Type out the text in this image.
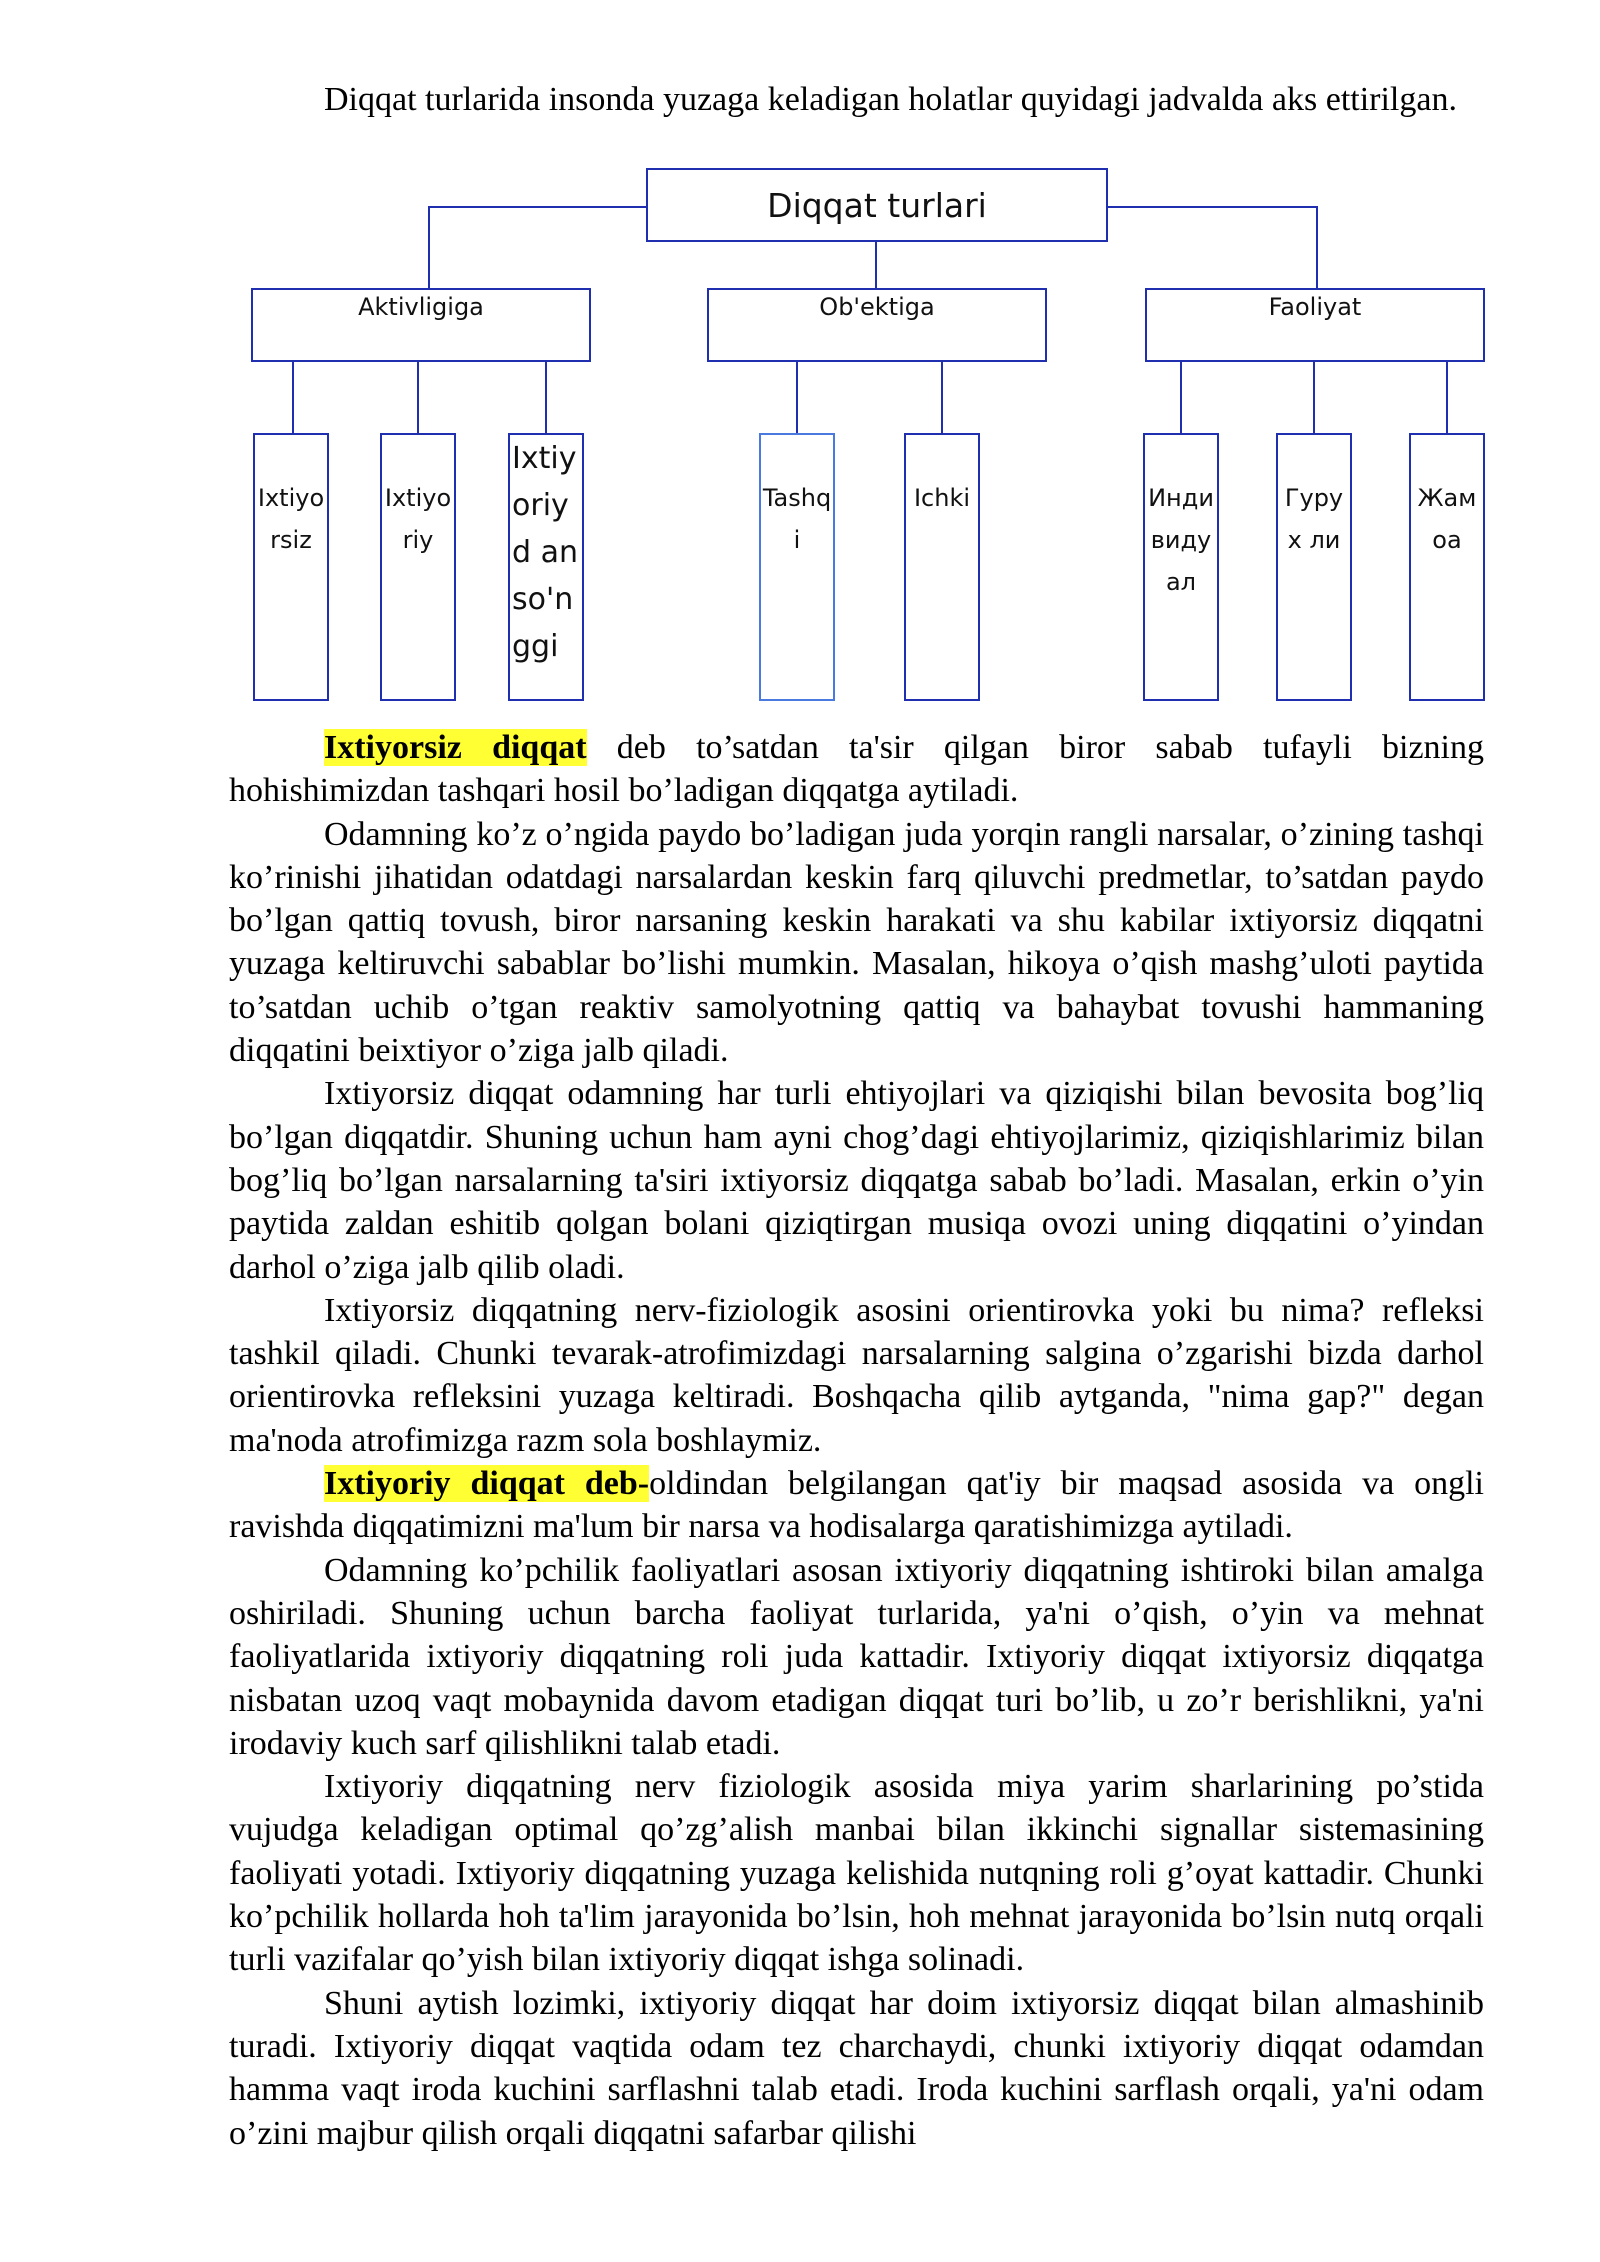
Diqqat turlarida insonda yuzaga keladigan holatlar quyidagi jadvalda aks ettirilgan.

Diqqat turlari
Aktivligiga	Ob'ektiga	Faoliyat
Ixtiyo rsiz
Ixtiyo riy
Ixtiy oriyd an so'n ggi
Tashq i
Ichki	Инди виду ал
Гурух ли
Жам оа

Ixtiyorsiz diqqat deb to’satdan ta'sir qilgan biror sabab tufayli bizning hohishimizdan tashqari hosil bo’ladigan diqqatga aytiladi.

Odamning ko’z o’ngida paydo bo’ladigan juda yorqin rangli narsalar, o’zining tashqi ko’rinishi jihatidan odatdagi narsalardan keskin farq qiluvchi predmetlar, to’satdan paydo bo’lgan qattiq tovush, biror narsaning keskin harakati va shu kabilar ixtiyorsiz diqqatni yuzaga keltiruvchi sabablar bo’lishi mumkin. Masalan, hikoya o’qish mashg’uloti paytida to’satdan uchib o’tgan reaktiv samolyotning qattiq va bahaybat tovushi hammaning diqqatini beixtiyor o’ziga jalb qiladi.

Ixtiyorsiz diqqat odamning har turli ehtiyojlari va qiziqishi bilan bevosita bog’liq bo’lgan diqqatdir. Shuning uchun ham ayni chog’dagi ehtiyojlarimiz, qiziqishlarimiz bilan bog’liq bo’lgan narsalarning ta'siri ixtiyorsiz diqqatga sabab bo’ladi. Masalan, erkin o’yin paytida zaldan eshitib qolgan bolani qiziqtirgan musiqa ovozi uning diqqatini o’yindan darhol o’ziga jalb qilib oladi.

Ixtiyorsiz diqqatning nerv-fiziologik asosini orientirovka yoki bu nima? refleksi tashkil qiladi. Chunki tevarak-atrofimizdagi narsalarning salgina o’zgarishi bizda darhol orientirovka refleksini yuzaga keltiradi. Boshqacha qilib aytganda, "nima gap?" degan ma'noda atrofimizga razm sola boshlaymiz.

Ixtiyoriy diqqat deb-oldindan belgilangan qat'iy bir maqsad asosida va ongli ravishda diqqatimizni ma'lum bir narsa va hodisalarga qaratishimizga aytiladi.

Odamning ko’pchilik faoliyatlari asosan ixtiyoriy diqqatning ishtiroki bilan amalga oshiriladi. Shuning uchun barcha faoliyat turlarida, ya'ni o’qish, o’yin va mehnat faoliyatlarida ixtiyoriy diqqatning roli juda kattadir. Ixtiyoriy diqqat ixtiyorsiz diqqatga nisbatan uzoq vaqt mobaynida davom etadigan diqqat turi bo’lib, u zo’r berishlikni, ya'ni irodaviy kuch sarf qilishlikni talab etadi.

Ixtiyoriy diqqatning nerv fiziologik asosida miya yarim sharlarining po’stida vujudga keladigan optimal qo’zg’alish manbai bilan ikkinchi signallar sistemasining faoliyati yotadi. Ixtiyoriy diqqatning yuzaga kelishida nutqning roli g’oyat kattadir. Chunki ko’pchilik hollarda hoh ta'lim jarayonida bo’lsin, hoh mehnat jarayonida bo’lsin nutq orqali turli vazifalar qo’yish bilan ixtiyoriy diqqat ishga solinadi.

Shuni aytish lozimki, ixtiyoriy diqqat har doim ixtiyorsiz diqqat bilan almashinib turadi. Ixtiyoriy diqqat vaqtida odam tez charchaydi, chunki ixtiyoriy diqqat odamdan hamma vaqt iroda kuchini sarflashni talab etadi. Iroda kuchini sarflash orqali, ya'ni odam o’zini majbur qilish orqali diqqatni safarbar qilishi
